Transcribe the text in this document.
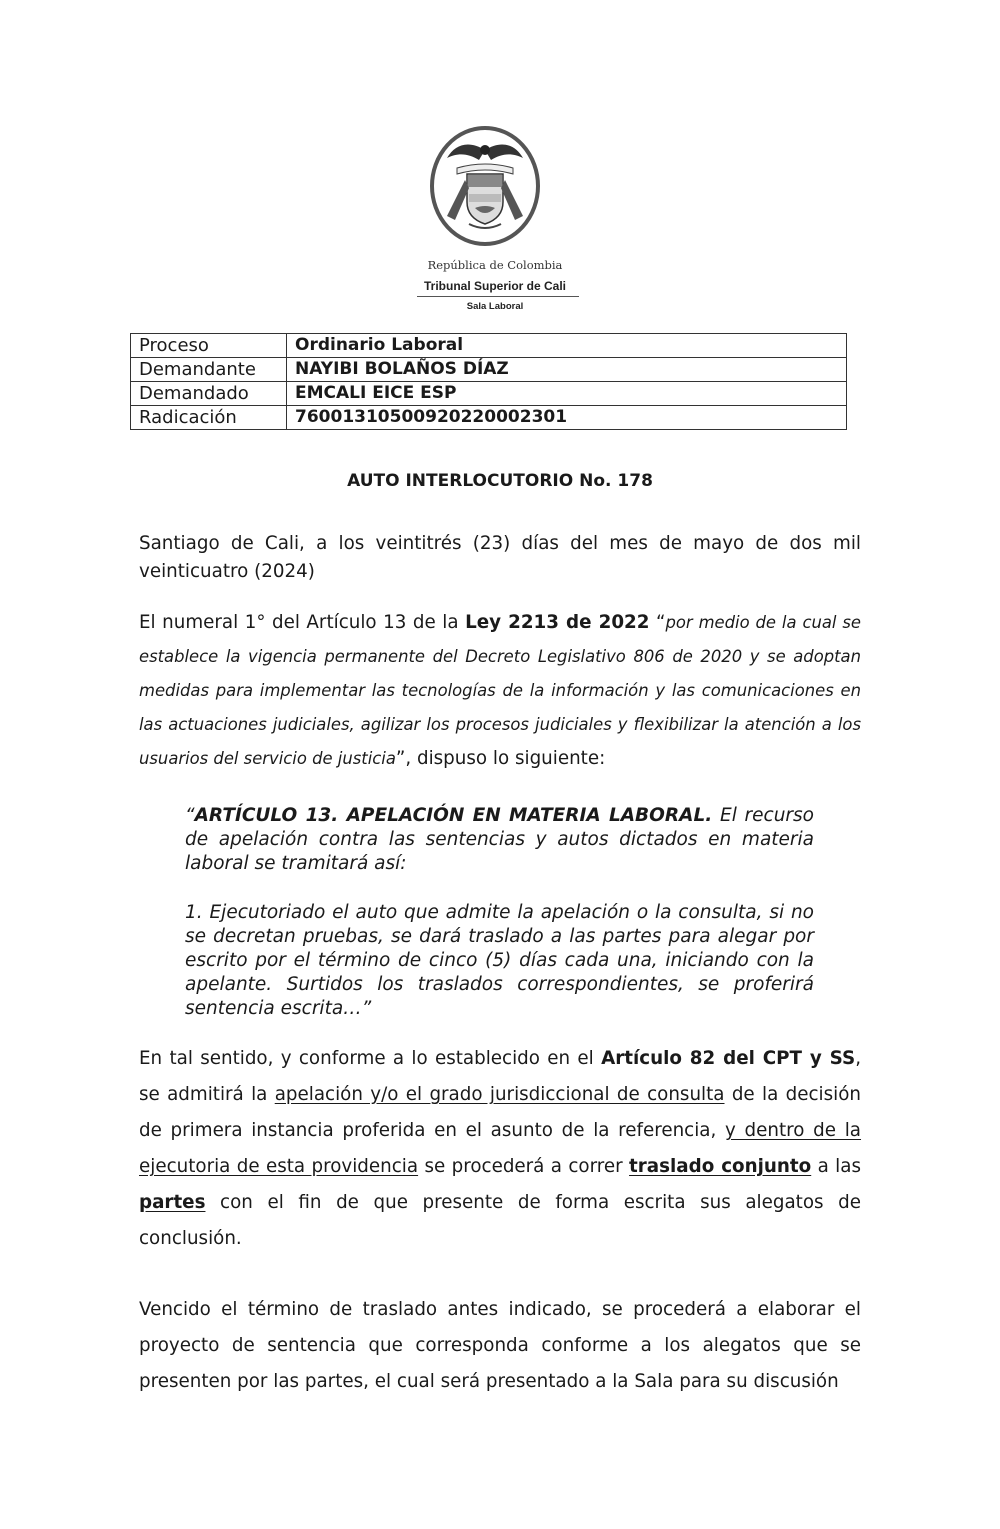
República de Colombia
Tribunal Superior de Cali
Sala Laboral
Proceso	Ordinario Laboral
Demandante	NAYIBI BOLAÑOS DÍAZ
Demandado	EMCALI EICE ESP
Radicación	76001310500920220002301
AUTO INTERLOCUTORIO No. 178
Santiago de Cali, a los veintitrés (23) días del mes de mayo de dos mil veinticuatro (2024)
El numeral 1° del Artículo 13 de la Ley 2213 de 2022 “por medio de la cual se establece la vigencia permanente del Decreto Legislativo 806 de 2020 y se adoptan medidas para implementar las tecnologías de la información y las comunicaciones en las actuaciones judiciales, agilizar los procesos judiciales y flexibilizar la atención a los usuarios del servicio de justicia”, dispuso lo siguiente:
“ARTÍCULO 13. APELACIÓN EN MATERIA LABORAL. El recurso de apelación contra las sentencias y autos dictados en materia laboral se tramitará así:
1. Ejecutoriado el auto que admite la apelación o la consulta, si no se decretan pruebas, se dará traslado a las partes para alegar por escrito por el término de cinco (5) días cada una, iniciando con la apelante. Surtidos los traslados correspondientes, se proferirá sentencia escrita…”
En tal sentido, y conforme a lo establecido en el Artículo 82 del CPT y SS, se admitirá la apelación y/o el grado jurisdiccional de consulta de la decisión de primera instancia proferida en el asunto de la referencia, y dentro de la ejecutoria de esta providencia se procederá a correr traslado conjunto a las partes con el fin de que presente de forma escrita sus alegatos de conclusión.
Vencido el término de traslado antes indicado, se procederá a elaborar el proyecto de sentencia que corresponda conforme a los alegatos que se presenten por las partes, el cual será presentado a la Sala para su discusión
